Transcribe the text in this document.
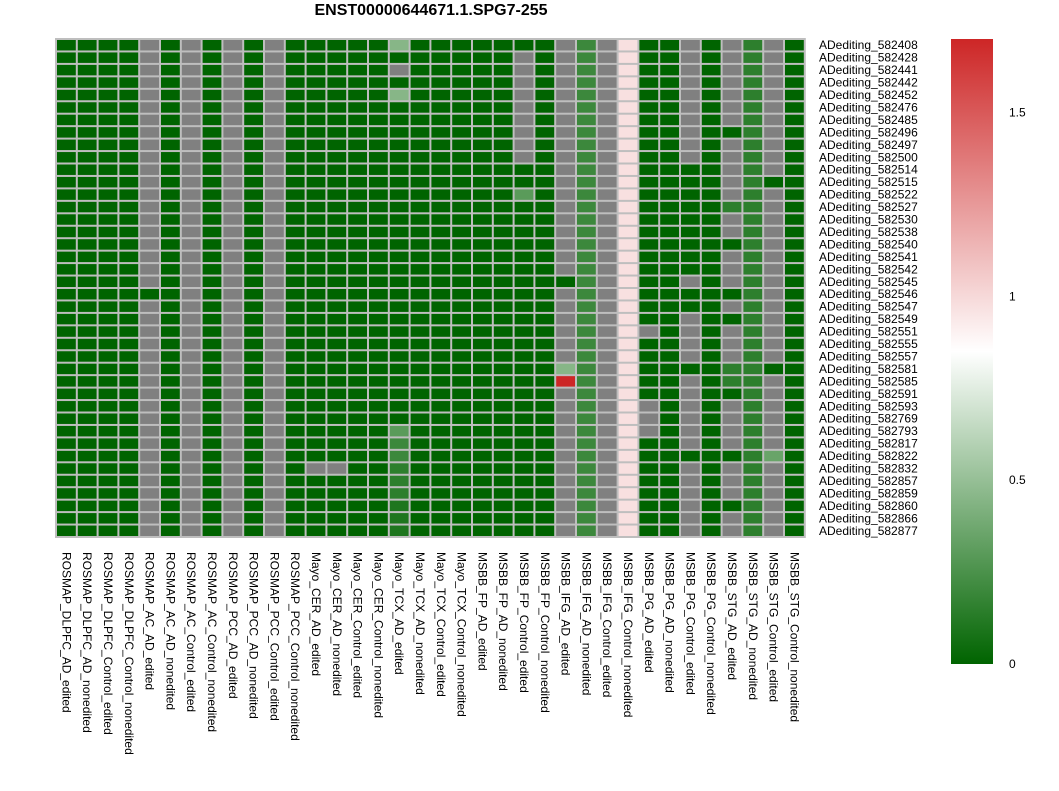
ENST00000644671.1.SPG7-255
ADediting_582408
ADediting_582428
ADediting_582441
ADediting_582442
ADediting_582452
ADediting_582476
ADediting_582485
ADediting_582496
ADediting_582497
ADediting_582500
ADediting_582514
ADediting_582515
ADediting_582522
ADediting_582527
ADediting_582530
ADediting_582538
ADediting_582540
ADediting_582541
ADediting_582542
ADediting_582545
ADediting_582546
ADediting_582547
ADediting_582549
ADediting_582551
ADediting_582555
ADediting_582557
ADediting_582581
ADediting_582585
ADediting_582591
ADediting_582593
ADediting_582769
ADediting_582793
ADediting_582817
ADediting_582822
ADediting_582832
ADediting_582857
ADediting_582859
ADediting_582860
ADediting_582866
ADediting_582877
ROSMAP_DLPFC_AD_edited ROSMAP_DLPFC_AD_nonedited ROSMAP_DLPFC_Control_edited ROSMAP_DLPFC_Control_nonedited ROSMAP_AC_AD_edited ROSMAP_AC_AD_nonedited ROSMAP_AC_Control_edited ROSMAP_AC_Control_nonedited ROSMAP_PCC_AD_edited ROSMAP_PCC_AD_nonedited ROSMAP_PCC_Control_edited ROSMAP_PCC_Control_nonedited Mayo_CER_AD_edited Mayo_CER_AD_nonedited Mayo_CER_Control_edited Mayo_CER_Control_nonedited Mayo_TCX_AD_edited Mayo_TCX_AD_nonedited Mayo_TCX_Control_edited Mayo_TCX_Control_nonedited MSBB_FP_AD_edited MSBB_FP_AD_nonedited MSBB_FP_Control_edited MSBB_FP_Control_nonedited MSBB_IFG_AD_edited MSBB_IFG_AD_nonedited MSBB_IFG_Control_edited MSBB_IFG_Control_nonedited MSBB_PG_AD_edited MSBB_PG_AD_nonedited MSBB_PG_Control_edited MSBB_PG_Control_nonedited MSBB_STG_AD_edited MSBB_STG_AD_nonedited MSBB_STG_Control_edited MSBB_STG_Control_nonedited	0
0.5
1
1.5
